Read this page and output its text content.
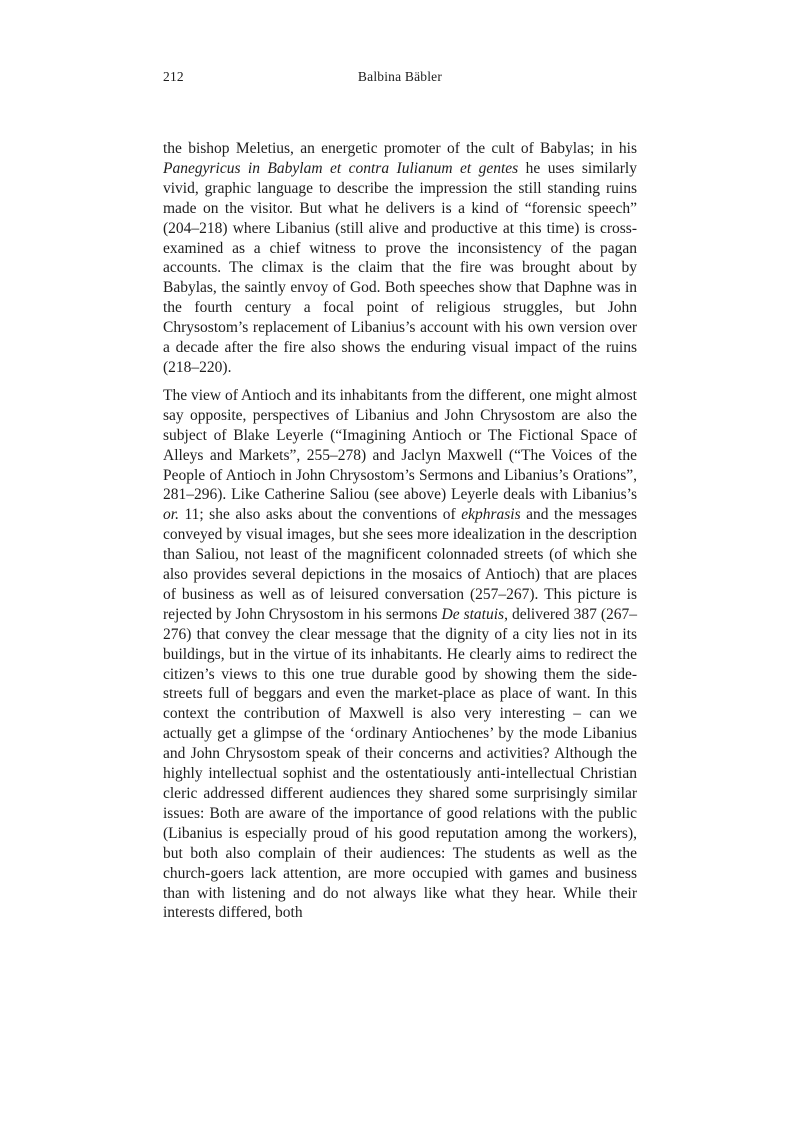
212	Balbina Bäbler

the bishop Meletius, an energetic promoter of the cult of Babylas; in his Panegyricus in Babylam et contra Iulianum et gentes he uses similarly vivid, graphic language to describe the impression the still standing ruins made on the visitor. But what he delivers is a kind of “forensic speech” (204–218) where Libanius (still alive and productive at this time) is cross-examined as a chief witness to prove the inconsistency of the pagan accounts. The climax is the claim that the fire was brought about by Babylas, the saintly envoy of God. Both speeches show that Daphne was in the fourth century a focal point of religious struggles, but John Chrysostom’s replacement of Libanius’s account with his own version over a decade after the fire also shows the enduring visual impact of the ruins (218–220).

The view of Antioch and its inhabitants from the different, one might almost say opposite, perspectives of Libanius and John Chrysostom are also the subject of Blake Leyerle (“Imagining Antioch or The Fictional Space of Alleys and Markets”, 255–278) and Jaclyn Maxwell (“The Voices of the People of Antioch in John Chrysostom’s Sermons and Libanius’s Orations”, 281–296). Like Catherine Saliou (see above) Leyerle deals with Libanius’s or. 11; she also asks about the conventions of ekphrasis and the messages conveyed by visual images, but she sees more idealization in the description than Saliou, not least of the magnificent colonnaded streets (of which she also provides several depictions in the mosaics of Antioch) that are places of business as well as of leisured conversation (257–267). This picture is rejected by John Chrysostom in his sermons De statuis, delivered 387 (267–276) that convey the clear message that the dignity of a city lies not in its buildings, but in the virtue of its inhabitants. He clearly aims to redirect the citizen’s views to this one true durable good by showing them the side-streets full of beggars and even the market-place as place of want. In this context the contribution of Maxwell is also very interesting – can we actually get a glimpse of the ‘ordinary Antiochenes’ by the mode Libanius and John Chrysostom speak of their concerns and activities? Although the highly intellectual sophist and the ostentatiously anti-intellectual Christian cleric addressed different audiences they shared some surprisingly similar issues: Both are aware of the importance of good relations with the public (Libanius is especially proud of his good reputation among the workers), but both also complain of their audiences: The students as well as the church-goers lack attention, are more occupied with games and business than with listening and do not always like what they hear. While their interests differed, both
